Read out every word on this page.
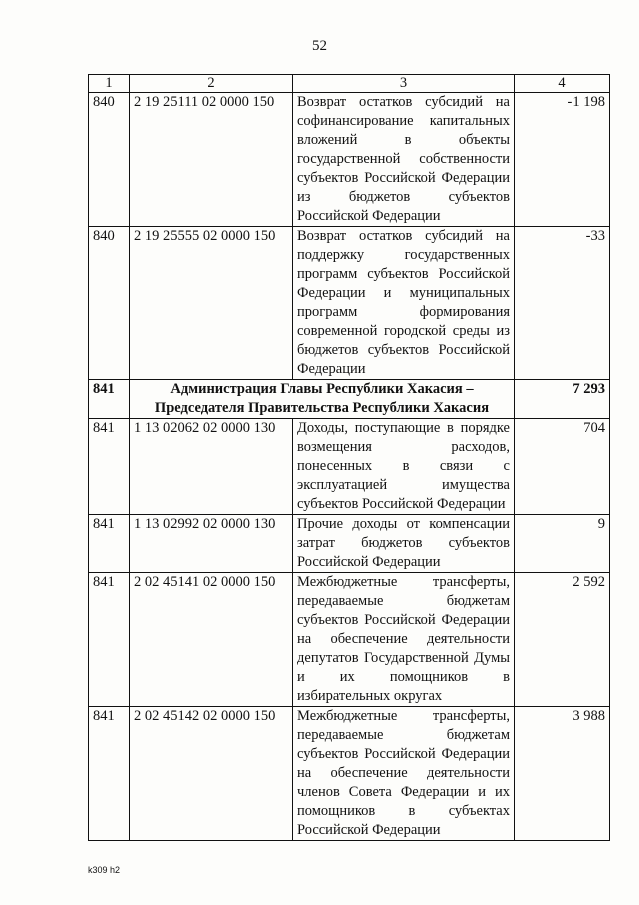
52
1	2	3	4
840	2 19 25111 02 0000 150	Возврат остатков субсидий на софинансирование капитальных вложений в объекты государственной собственности субъектов Российской Федерации из бюджетов субъектов Российской Федерации	-1 198
840	2 19 25555 02 0000 150	Возврат остатков субсидий на поддержку государственных программ субъектов Российской Федерации и муниципальных программ формирования современной городской среды из бюджетов субъектов Российской Федерации	-33
841	Администрация Главы Республики Хакасия – Председателя Правительства Республики Хакасия		7 293
841	1 13 02062 02 0000 130	Доходы, поступающие в порядке возмещения расходов, понесенных в связи с эксплуатацией имущества субъектов Российской Федерации	704
841	1 13 02992 02 0000 130	Прочие доходы от компенсации затрат бюджетов субъектов Российской Федерации	9
841	2 02 45141 02 0000 150	Межбюджетные трансферты, передаваемые бюджетам субъектов Российской Федерации на обеспечение деятельности депутатов Государственной Думы и их помощников в избирательных округах	2 592
841	2 02 45142 02 0000 150	Межбюджетные трансферты, передаваемые бюджетам субъектов Российской Федерации на обеспечение деятельности членов Совета Федерации и их помощников в субъектах Российской Федерации	3 988
k309 h2
